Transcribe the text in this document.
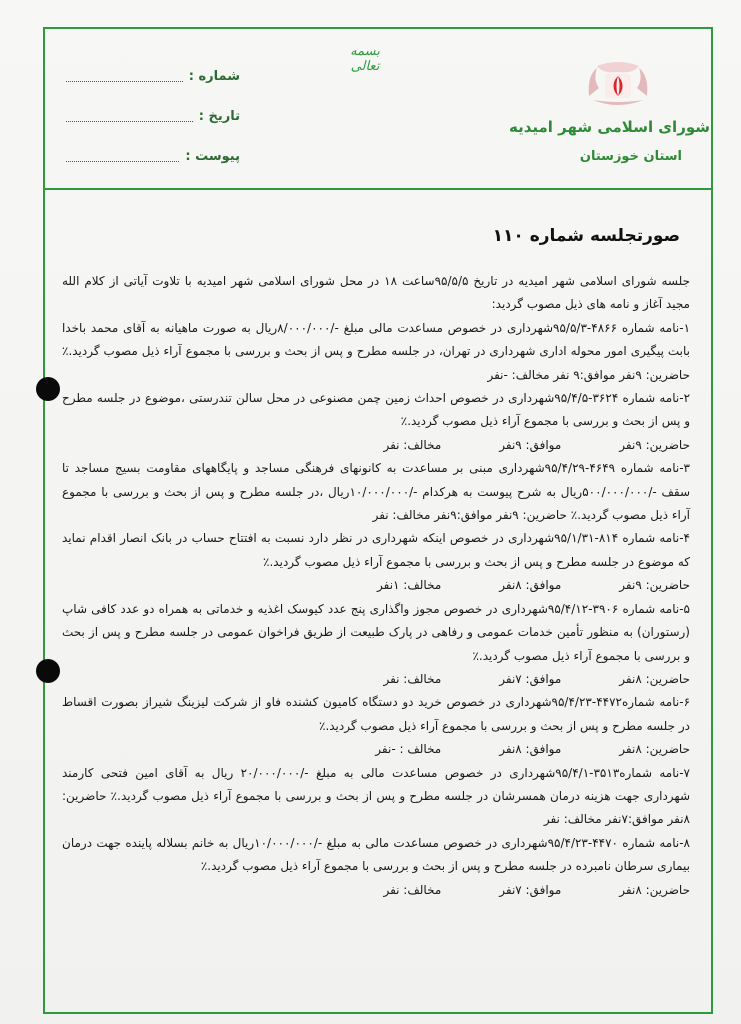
شماره :
تاریخ :
پیوست :
بسمه تعالی
شورای اسلامی شهر امیدیه
استان خوزستان
صورتجلسه شماره ۱۱۰

جلسه شورای اسلامی شهر امیدیه در تاریخ ۹۵/۵/۵ساعت ۱۸ در محل شورای اسلامی شهر امیدیه با تلاوت آیاتی از کلام الله مجید آغاز و نامه های ذیل مصوب گردید:

۱-نامه شماره ۴۸۶۶-۹۵/۵/۳شهرداری در خصوص مساعدت مالی مبلغ -/۸/۰۰۰/۰۰۰ریال به صورت ماهیانه به آقای محمد باخدا بابت پیگیری امور محوله اداری شهرداری در تهران، در جلسه مطرح و پس از بحث و بررسی با مجموع آراء ذیل مصوب گردید.٪ حاضرین: ۹نفر موافق:۹ نفر مخالف: -نفر

۲-نامه شماره ۳۶۲۴-۹۵/۴/۵شهرداری در خصوص احداث زمین چمن مصنوعی در محل سالن تندرستی ،موضوع در جلسه مطرح و پس از بحث و بررسی با مجموع آراء ذیل مصوب گردید.٪

حاضرین: ۹نفر
موافق: ۹نفر
مخالف: نفر

۳-نامه شماره ۴۶۴۹-۹۵/۴/۲۹شهرداری مبنی بر مساعدت به کانونهای فرهنگی مساجد و پایگاههای مقاومت بسیج مساجد تا سقف -/۵۰۰/۰۰۰/۰۰۰ریال به شرح پیوست به هرکدام -/۱۰/۰۰۰/۰۰۰ریال ،در جلسه مطرح و پس از بحث و بررسی با مجموع آراء ذیل مصوب گردید.٪ حاضرین: ۹نفر موافق:۹نفر مخالف: نفر

۴-نامه شماره ۸۱۴-۹۵/۱/۳۱شهرداری در خصوص اینکه شهرداری در نظر دارد نسبت به افتتاح حساب در بانک انصار اقدام نماید که موضوع در جلسه مطرح و پس از بحث و بررسی با مجموع آراء ذیل مصوب گردید.٪

حاضرین: ۹نفر
موافق: ۸نفر
مخالف: ۱نفر

۵-نامه شماره ۳۹۰۶-۹۵/۴/۱۲شهرداری در خصوص مجوز واگذاری پنج عدد کیوسک اغذیه و خدماتی به همراه دو عدد کافی شاپ (رستوران) به منظور تأمین خدمات عمومی و رفاهی در پارک طبیعت از طریق فراخوان عمومی در جلسه مطرح و پس از بحث و بررسی با مجموع آراء ذیل مصوب گردید.٪

حاضرین: ۸نفر
موافق: ۷نفر
مخالف: نفر

۶-نامه شماره۴۴۷۲-۹۵/۴/۲۳شهرداری در خصوص خرید دو دستگاه کامیون کشنده فاو از شرکت لیزینگ شیراز بصورت اقساط در جلسه مطرح و پس از بحث و بررسی با مجموع آراء ذیل مصوب گردید.٪

حاضرین: ۸نفر
موافق: ۸نفر
مخالف : -نفر

۷-نامه شماره۳۵۱۳-۹۵/۴/۱شهرداری در خصوص مساعدت مالی به مبلغ -/۲۰/۰۰۰/۰۰۰ ریال به آقای امین فتحی کارمند شهرداری جهت هزینه درمان همسرشان در جلسه مطرح و پس از بحث و بررسی با مجموع آراء ذیل مصوب گردید.٪ حاضرین: ۸نفر موافق:۷نفر مخالف: نفر

۸-نامه شماره ۴۴۷۰-۹۵/۴/۲۳شهرداری در خصوص مساعدت مالی به مبلغ -/۱۰/۰۰۰/۰۰۰ریال به خانم بسلاله پاینده جهت درمان بیماری سرطان نامبرده در جلسه مطرح و پس از بحث و بررسی با مجموع آراء ذیل مصوب گردید.٪

حاضرین: ۸نفر
موافق: ۷نفر
مخالف: نفر
